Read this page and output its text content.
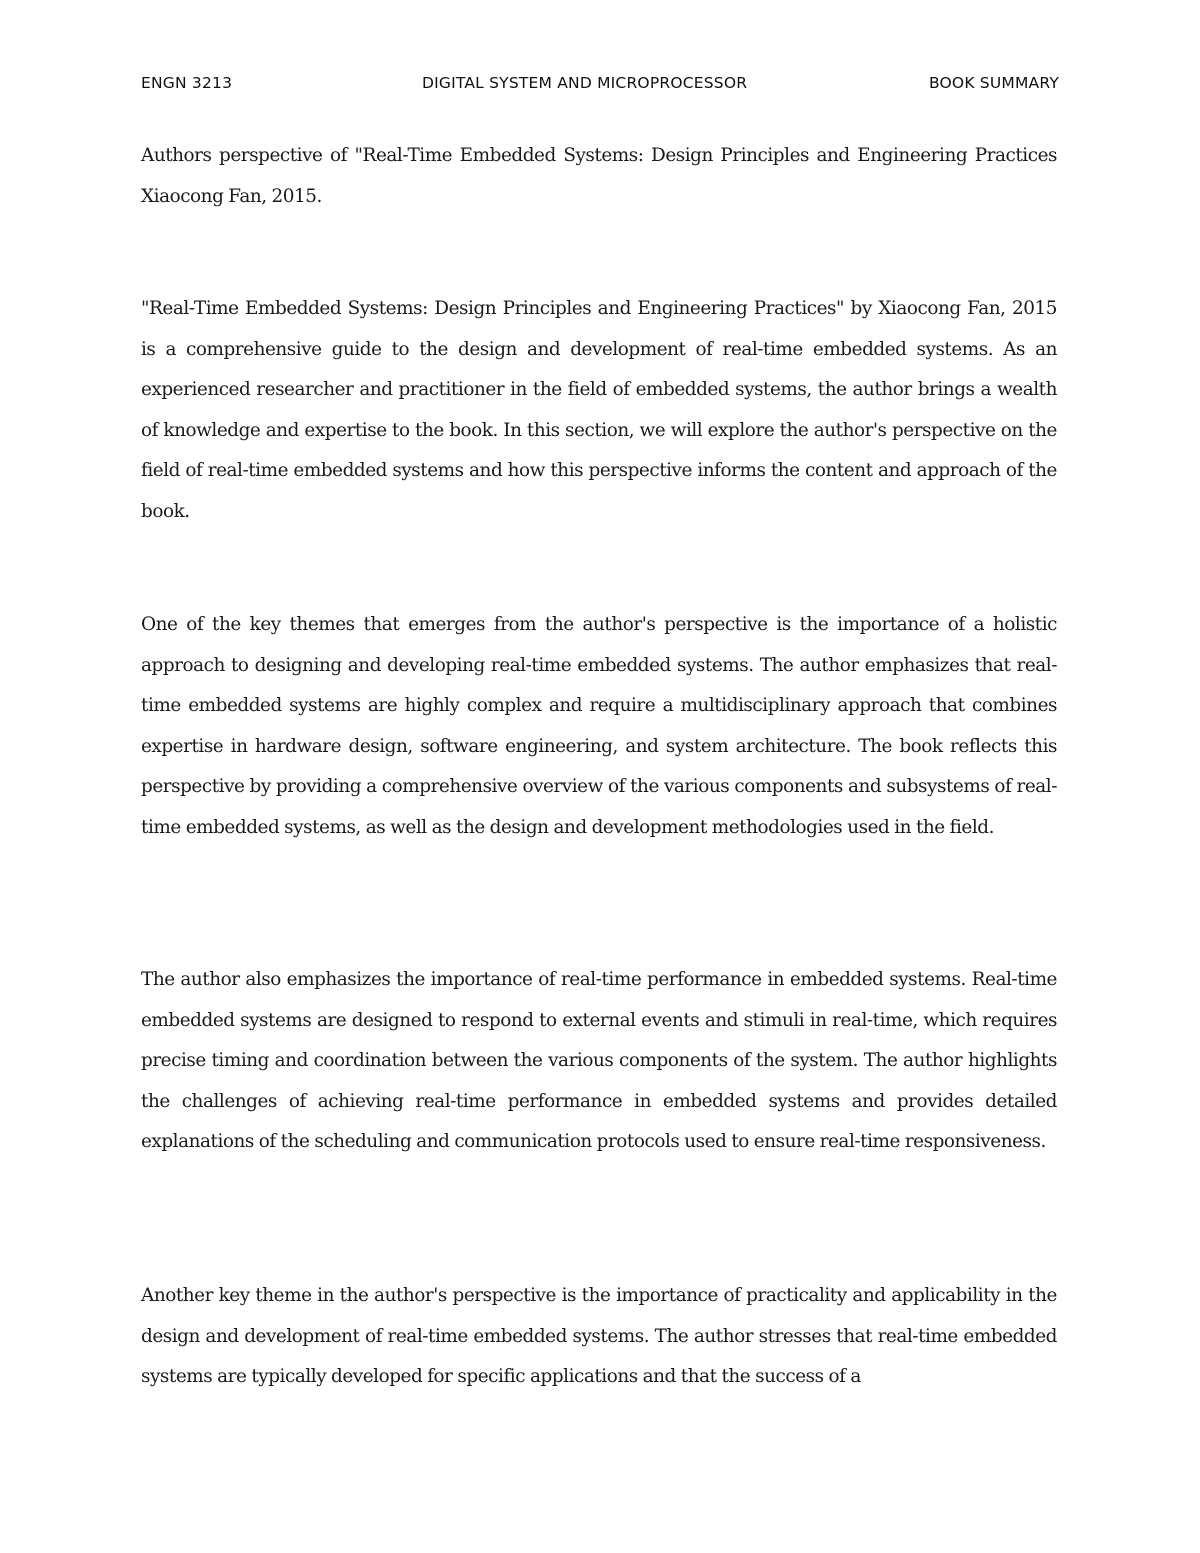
ENGN 3213	DIGITAL SYSTEM AND MICROPROCESSOR	BOOK SUMMARY

Authors perspective of "Real-Time Embedded Systems: Design Principles and Engineering Practices Xiaocong Fan, 2015.

"Real-Time Embedded Systems: Design Principles and Engineering Practices" by Xiaocong Fan, 2015 is a comprehensive guide to the design and development of real-time embedded systems. As an experienced researcher and practitioner in the field of embedded systems, the author brings a wealth of knowledge and expertise to the book. In this section, we will explore the author's perspective on the field of real-time embedded systems and how this perspective informs the content and approach of the book.

One of the key themes that emerges from the author's perspective is the importance of a holistic approach to designing and developing real-time embedded systems. The author emphasizes that real-time embedded systems are highly complex and require a multidisciplinary approach that combines expertise in hardware design, software engineering, and system architecture. The book reflects this perspective by providing a comprehensive overview of the various components and subsystems of real-time embedded systems, as well as the design and development methodologies used in the field.

The author also emphasizes the importance of real-time performance in embedded systems. Real-time embedded systems are designed to respond to external events and stimuli in real-time, which requires precise timing and coordination between the various components of the system. The author highlights the challenges of achieving real-time performance in embedded systems and provides detailed explanations of the scheduling and communication protocols used to ensure real-time responsiveness.

Another key theme in the author's perspective is the importance of practicality and applicability in the design and development of real-time embedded systems. The author stresses that real-time embedded systems are typically developed for specific applications and that the success of a
